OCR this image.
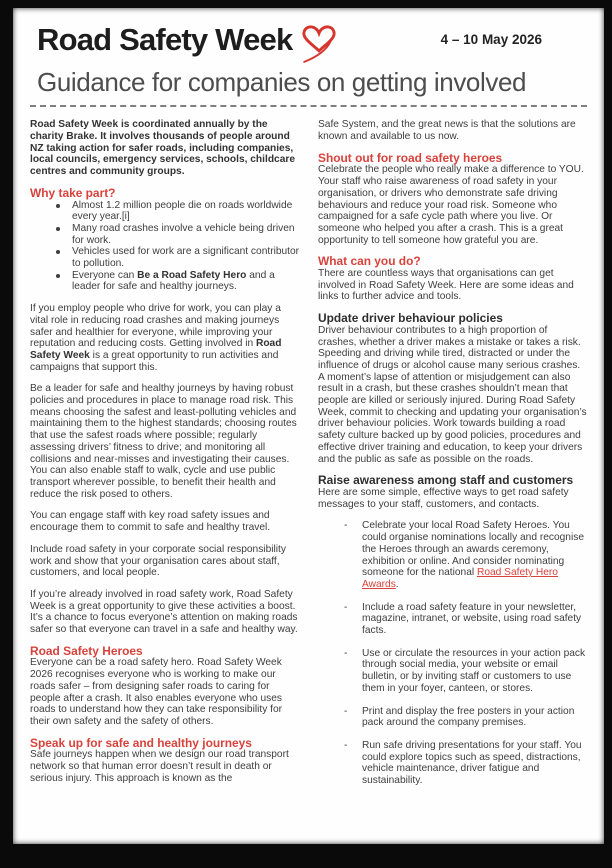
4 – 10 May 2026
Road Safety Week
Guidance for companies on getting involved

Road Safety Week is coordinated annually by the charity Brake. It involves thousands of people around NZ taking action for safer roads, including companies, local councils, emergency services, schools, childcare centres and community groups.

Why take part?
Almost 1.2 million people die on roads worldwide every year.[i]
Many road crashes involve a vehicle being driven for work.
Vehicles used for work are a significant contributor to pollution.
Everyone can Be a Road Safety Hero and a leader for safe and healthy journeys.

If you employ people who drive for work, you can play a vital role in reducing road crashes and making journeys safer and healthier for everyone, while improving your reputation and reducing costs. Getting involved in Road Safety Week is a great opportunity to run activities and campaigns that support this.

Be a leader for safe and healthy journeys by having robust policies and procedures in place to manage road risk. This means choosing the safest and least-polluting vehicles and maintaining them to the highest standards; choosing routes that use the safest roads where possible; regularly assessing drivers’ fitness to drive; and monitoring all collisions and near-misses and investigating their causes. You can also enable staff to walk, cycle and use public transport wherever possible, to benefit their health and reduce the risk posed to others.

You can engage staff with key road safety issues and encourage them to commit to safe and healthy travel.

Include road safety in your corporate social responsibility work and show that your organisation cares about staff, customers, and local people.

If you’re already involved in road safety work, Road Safety Week is a great opportunity to give these activities a boost. It’s a chance to focus everyone’s attention on making roads safer so that everyone can travel in a safe and healthy way.

Road Safety Heroes

Everyone can be a road safety hero. Road Safety Week 2026 recognises everyone who is working to make our roads safer – from designing safer roads to caring for people after a crash. It also enables everyone who uses roads to understand how they can take responsibility for their own safety and the safety of others.

Speak up for safe and healthy journeys

Safe journeys happen when we design our road transport network so that human error doesn’t result in death or serious injury. This approach is known as the

Safe System, and the great news is that the solutions are known and available to us now.

Shout out for road safety heroes

Celebrate the people who really make a difference to YOU. Your staff who raise awareness of road safety in your organisation, or drivers who demonstrate safe driving behaviours and reduce your road risk. Someone who campaigned for a safe cycle path where you live. Or someone who helped you after a crash. This is a great opportunity to tell someone how grateful you are.

What can you do?

There are countless ways that organisations can get involved in Road Safety Week. Here are some ideas and links to further advice and tools.

Update driver behaviour policies

Driver behaviour contributes to a high proportion of crashes, whether a driver makes a mistake or takes a risk. Speeding and driving while tired, distracted or under the influence of drugs or alcohol cause many serious crashes. A moment’s lapse of attention or misjudgement can also result in a crash, but these crashes shouldn’t mean that people are killed or seriously injured. During Road Safety Week, commit to checking and updating your organisation’s driver behaviour policies. Work towards building a road safety culture backed up by good policies, procedures and effective driver training and education, to keep your drivers and the public as safe as possible on the roads.

Raise awareness among staff and customers

Here are some simple, effective ways to get road safety messages to your staff, customers, and contacts.

- Celebrate your local Road Safety Heroes. You could organise nominations locally and recognise the Heroes through an awards ceremony, exhibition or online. And consider nominating someone for the national Road Safety Hero Awards.
- Include a road safety feature in your newsletter, magazine, intranet, or website, using road safety facts.
- Use or circulate the resources in your action pack through social media, your website or email bulletin, or by inviting staff or customers to use them in your foyer, canteen, or stores.
- Print and display the free posters in your action pack around the company premises.
- Run safe driving presentations for your staff. You could explore topics such as speed, distractions, vehicle maintenance, driver fatigue and sustainability.
